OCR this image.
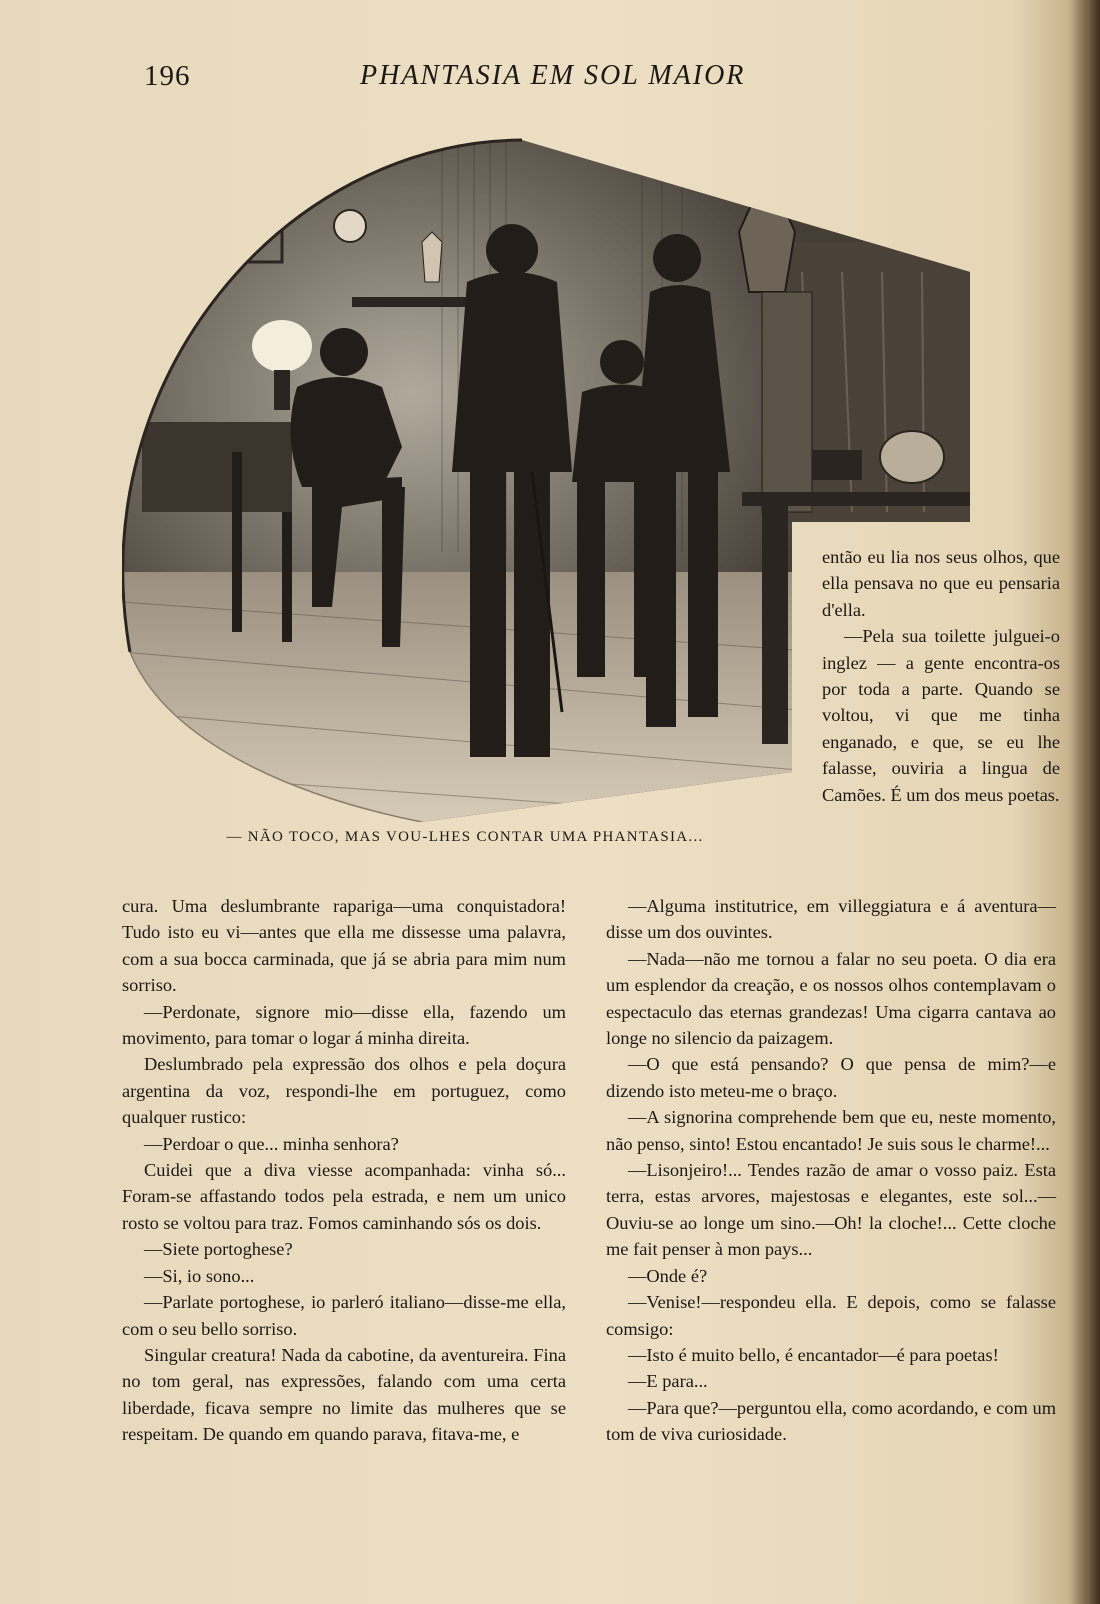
196	PHANTASIA EM SOL MAIOR
— NÃO TOCO, MAS VOU-LHES CONTAR UMA PHANTASIA...

então eu lia nos seus olhos, que ella pensava no que eu pensaria d'ella.

—Pela sua toilette julguei-o inglez — a gente encontra-os por toda a parte. Quando se voltou, vi que me tinha enganado, e que, se eu lhe falasse, ouviria a lingua de Camões. É um dos meus poetas.

cura. Uma deslumbrante rapariga—uma conquistadora! Tudo isto eu vi—antes que ella me dissesse uma palavra, com a sua bocca carminada, que já se abria para mim num sorriso.

—Perdonate, signore mio—disse ella, fazendo um movimento, para tomar o logar á minha direita.

Deslumbrado pela expressão dos olhos e pela doçura argentina da voz, respondi-lhe em portuguez, como qualquer rustico:

—Perdoar o que... minha senhora?

Cuidei que a diva viesse acompanhada: vinha só... Foram-se affastando todos pela estrada, e nem um unico rosto se voltou para traz. Fomos caminhando sós os dois.

—Siete portoghese?

—Si, io sono...

—Parlate portoghese, io parleró italiano—disse-me ella, com o seu bello sorriso.

Singular creatura! Nada da cabotine, da aventureira. Fina no tom geral, nas expressões, falando com uma certa liberdade, ficava sempre no limite das mulheres que se respeitam. De quando em quando parava, fitava-me, e

—Alguma institutrice, em villeggiatura e á aventura—disse um dos ouvintes.

—Nada—não me tornou a falar no seu poeta. O dia era um esplendor da creação, e os nossos olhos contemplavam o espectaculo das eternas grandezas! Uma cigarra cantava ao longe no silencio da paizagem.

—O que está pensando? O que pensa de mim?—e dizendo isto meteu-me o braço.

—A signorina comprehende bem que eu, neste momento, não penso, sinto! Estou encantado! Je suis sous le charme!...

—Lisonjeiro!... Tendes razão de amar o vosso paiz. Esta terra, estas arvores, majestosas e elegantes, este sol...—Ouviu-se ao longe um sino.—Oh! la cloche!... Cette cloche me fait penser à mon pays...

—Onde é?

—Venise!—respondeu ella. E depois, como se falasse comsigo:

—Isto é muito bello, é encantador—é para poetas!

—E para...

—Para que?—perguntou ella, como acordando, e com um tom de viva curiosidade.
